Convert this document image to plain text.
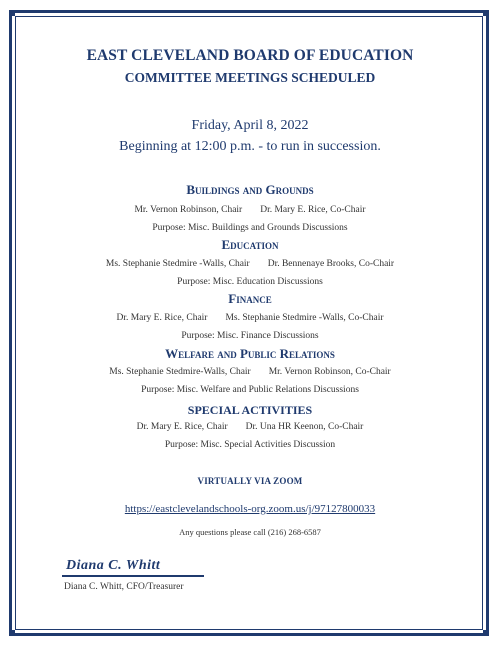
EAST CLEVELAND BOARD OF EDUCATION
COMMITTEE MEETINGS SCHEDULED
Friday, April 8, 2022
Beginning at 12:00 p.m. - to run in succession.
Buildings and Grounds
Mr. Vernon Robinson, Chair Dr. Mary E. Rice, Co-Chair
Purpose: Misc. Buildings and Grounds Discussions
Education
Ms. Stephanie Stedmire -Walls, Chair Dr. Bennenaye Brooks, Co-Chair
Purpose: Misc. Education Discussions
Finance
Dr. Mary E. Rice, Chair Ms. Stephanie Stedmire -Walls, Co-Chair
Purpose: Misc. Finance Discussions
Welfare and Public Relations
Ms. Stephanie Stedmire-Walls, Chair Mr. Vernon Robinson, Co-Chair
Purpose: Misc. Welfare and Public Relations Discussions
SPECIAL ACTIVITIES
Dr. Mary E. Rice, Chair Dr. Una HR Keenon, Co-Chair
Purpose: Misc. Special Activities Discussion
VIRTUALLY VIA ZOOM
https://eastclevelandschools-org.zoom.us/j/97127800033
Any questions please call (216) 268-6587
Diana C. Whitt
Diana C. Whitt, CFO/Treasurer
